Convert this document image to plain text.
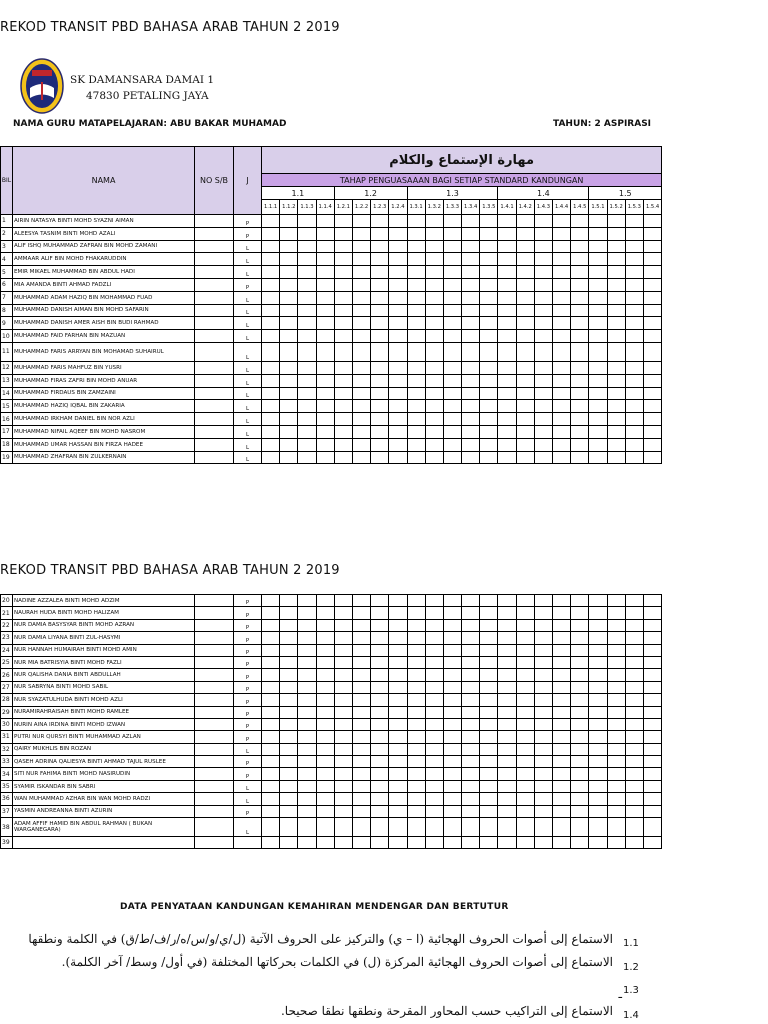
REKOD TRANSIT PBD BAHASA ARAB TAHUN 2 2019
SK DAMANSARA DAMAI 1
47830 PETALING JAYA
NAMA GURU MATAPELAJARAN: ABU BAKAR MUHAMAD	TAHUN: 2 ASPIRASI
BIL	NAMA	NO S/B	J	مهارة الإستماع والكلام																					
				TAHAP PENGUASAAAN BAGI SETIAP STANDARD KANDUNGAN																					
				1.1				1.2				1.3					1.4					1.5			
				1.1.1	1.1.2	1.1.3	1.1.4	1.2.1	1.2.2	1.2.3	1.2.4	1.3.1	1.3.2	1.3.3	1.3.4	1.3.5	1.4.1	1.4.2	1.4.3	1.4.4	1.4.5	1.5.1	1.5.2	1.5.3	1.5.4
1	AIRIN NATASYA BINTI MOHD SYAZNI AIMAN		P																						
2	ALEESYA TASNIM BINTI MOHD AZALI		P																						
3	ALIF ISHQ MUHAMMAD ZAFRAN BIN MOHD ZAMANI		L																						
4	AMMAAR ALIF BIN MOHD FHAKARUDDIN		L																						
5	EMIR MIKAEL MUHAMMAD BIN ABDUL HADI		L																						
6	MIA AMANDA BINTI AHMAD FADZLI		P																						
7	MUHAMMAD ADAM HAZIQ BIN MOHAMMAD FUAD		L																						
8	MUHAMMAD DANISH AIMAN BIN MOHD SAFARIN		L																						
9	MUHAMMAD DANISH AMER AISH BIN BUDI RAHMAD		L																						
10	MUHAMMAD FAID FARHAN BIN MAZUAN		L																						
11	MUHAMMAD FARIS ARRYAN BIN MOHAMAD SUHAIRUL		L																						
12	MUHAMMAD FARIS MAHFUZ BIN YUSRI		L																						
13	MUHAMMAD FIRAS ZAFRI BIN MOHD ANUAR		L																						
14	MUHAMMAD FIRDAUS BIN ZAMZAINI		L																						
15	MUHAMMAD HAZIQ IQBAL BIN ZAKARIA		L																						
16	MUHAMMAD IRKHAM DANIEL BIN NOR AZLI		L																						
17	MUHAMMAD NIFAIL AQEEF BIN MOHD NASROM		L																						
18	MUHAMMAD UMAR HASSAN BIN FIRZA HADEE		L																						
19	MUHAMMAD ZHAFRAN BIN ZULKERNAIN		L																						
REKOD TRANSIT PBD BAHASA ARAB TAHUN 2 2019
20	NADINE AZZALEA BINTI MOHD ADZIM		P																						
21	NAURAH HUDA BINTI MOHD HALIZAM		P																						
22	NUR DAMIA BASYSYAR BINTI MOHD AZRAN		P																						
23	NUR DAMIA LIYANA BINTI ZUL-HASYMI		P																						
24	NUR HANNAH HUMAIRAH BINTI MOHD AMIN		P																						
25	NUR MIA BATRISYIA BINTI MOHD FAZLI		P																						
26	NUR QALISHA DANIA BINTI ABDULLAH		P																						
27	NUR SABRYNA BINTI MOHD SABIL		P																						
28	NUR SYAZATULHUDA BINTI MOHD AZLI		P																						
29	NURAMIRAHRAISAH BINTI MOHD RAMLEE		P																						
30	NURIN AINA IRDINA BINTI MOHD IZWAN		P																						
31	PUTRI NUR QURSYI BINTI MUHAMMAD AZLAN		P																						
32	QAIRY MUKHLIS BIN ROZAN		L																						
33	QASEH ADRINA QALIESYA BINTI AHMAD TAJUL RUSLEE		P																						
34	SITI NUR FAHIMA BINTI MOHD NASIRUDIN		P																						
35	SYAMIR ISKANDAR BIN SABRI		L																						
36	WAN MUHAMMAD AZHAR BIN WAN MOHD RADZI		L																						
37	YASMIN ANDREANNA BINTI AZURIN		P																						
38	ADAM AFFIF HAMID BIN ABDUL RAHMAN ( BUKAN WARGANEGARA)		L																						
39																									
DATA PENYATAAN KANDUNGAN KEMAHIRAN MENDENGAR DAN BERTUTUR
1.1
الاستماع إلى أصوات الحروف الهجائية (ا – ي) والتركيز على الحروف الآتية (ل/ي/و/س/ه/ر/ف/ط/ق) في الكلمة ونطقها
1.2
الاستماع إلى أصوات الحروف الهجائية المركزة (ل) في الكلمات بحركاتها المختلفة (في أول/ وسط/ آخر الكلمة).
1.3
ـ
1.4
الاستماع إلى التراكيب حسب المحاور المقرحة ونطقها نطقا صحيحا.
